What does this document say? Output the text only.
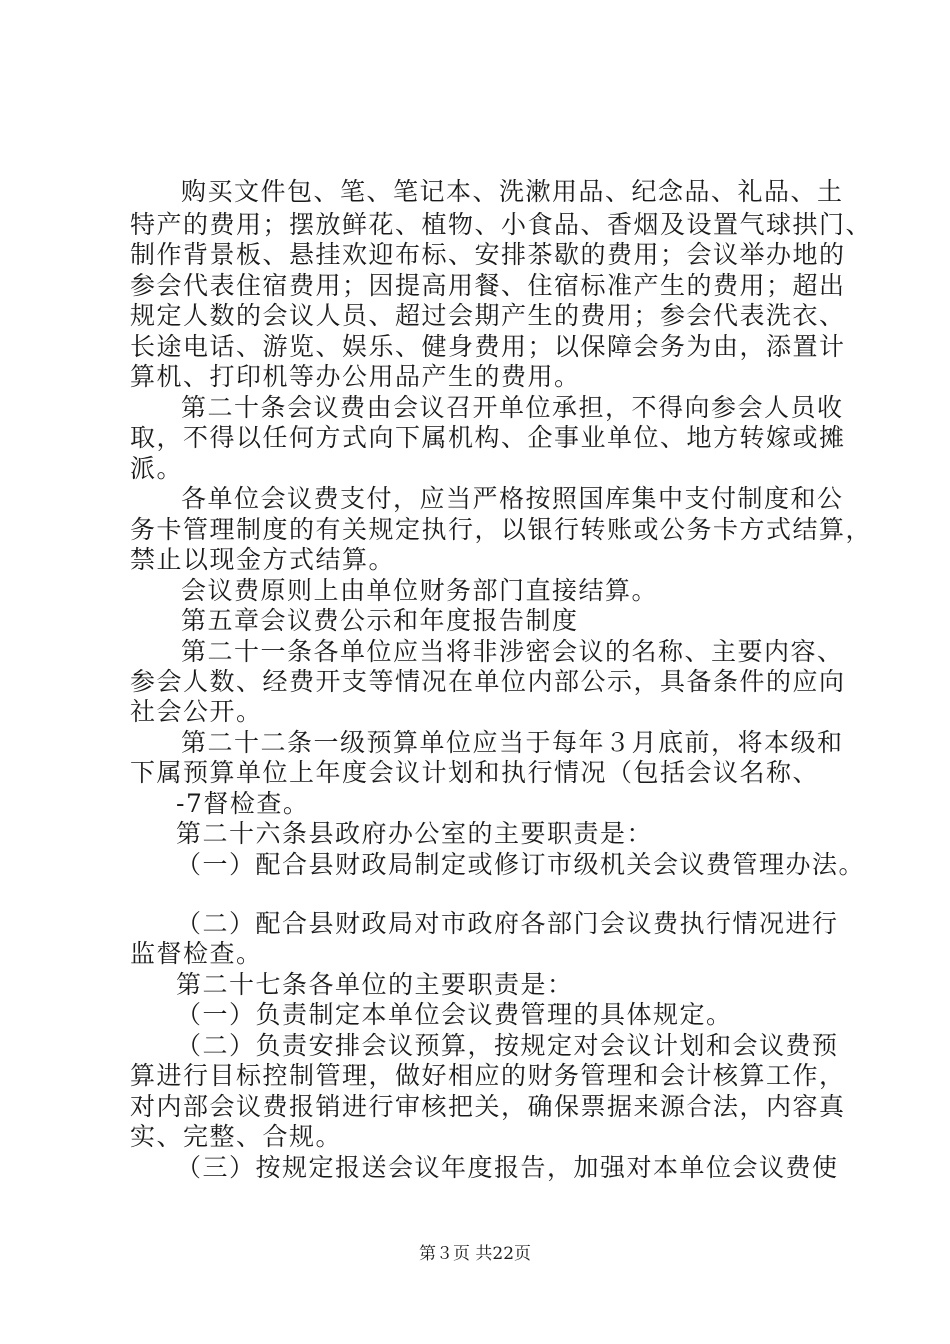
购买文件包、笔、笔记本、洗漱用品、纪念品、礼品、土
特产的费用；摆放鲜花、植物、小食品、香烟及设置气球拱门、
制作背景板、悬挂欢迎布标、安排茶歇的费用；会议举办地的
参会代表住宿费用；因提高用餐、住宿标准产生的费用；超出
规定人数的会议人员、超过会期产生的费用；参会代表洗衣、
长途电话、游览、娱乐、健身费用；以保障会务为由，添置计
算机、打印机等办公用品产生的费用。
第二十条会议费由会议召开单位承担，不得向参会人员收
取，不得以任何方式向下属机构、企事业单位、地方转嫁或摊
派。
各单位会议费支付，应当严格按照国库集中支付制度和公
务卡管理制度的有关规定执行，以银行转账或公务卡方式结算，
禁止以现金方式结算。
会议费原则上由单位财务部门直接结算。
第五章会议费公示和年度报告制度
第二十一条各单位应当将非涉密会议的名称、主要内容、
参会人数、经费开支等情况在单位内部公示，具备条件的应向
社会公开。
第二十二条一级预算单位应当于每年３月底前，将本级和
下属预算单位上年度会议计划和执行情况（包括会议名称、
-7督检查。
第二十六条县政府办公室的主要职责是：
（一）配合县财政局制定或修订市级机关会议费管理办法。
（二）配合县财政局对市政府各部门会议费执行情况进行
监督检查。
第二十七条各单位的主要职责是：
（一）负责制定本单位会议费管理的具体规定。
（二）负责安排会议预算，按规定对会议计划和会议费预
算进行目标控制管理，做好相应的财务管理和会计核算工作，
对内部会议费报销进行审核把关，确保票据来源合法，内容真
实、完整、合规。
（三）按规定报送会议年度报告，加强对本单位会议费使
第３页 共22页
